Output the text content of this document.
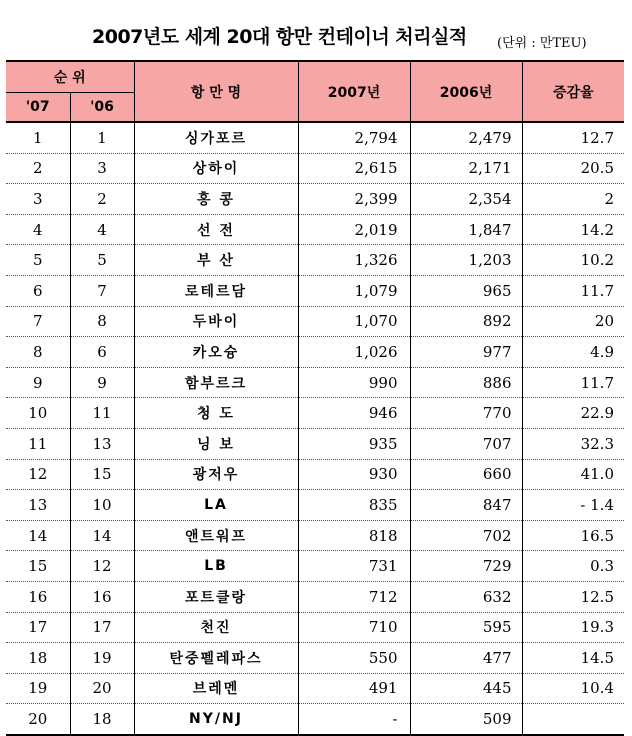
2007년도 세계 20대 항만 컨테이너 처리실적 (단위 : 만TEU)
순 위		항 만 명	2007년	2006년	증감율
'07	'06				
1	1	싱가포르	2,794	2,479	12.7
2	3	상하이	2,615	2,171	20.5
3	2	홍 콩	2,399	2,354	2
4	4	선 전	2,019	1,847	14.2
5	5	부 산	1,326	1,203	10.2
6	7	로테르담	1,079	965	11.7
7	8	두바이	1,070	892	20
8	6	카오슝	1,026	977	4.9
9	9	함부르크	990	886	11.7
10	11	청 도	946	770	22.9
11	13	닝 보	935	707	32.3
12	15	광저우	930	660	41.0
13	10	LA	835	847	- 1.4
14	14	앤트워프	818	702	16.5
15	12	LB	731	729	0.3
16	16	포트클랑	712	632	12.5
17	17	천진	710	595	19.3
18	19	탄중펠레파스	550	477	14.5
19	20	브레멘	491	445	10.4
20	18	NY/NJ	-	509	
